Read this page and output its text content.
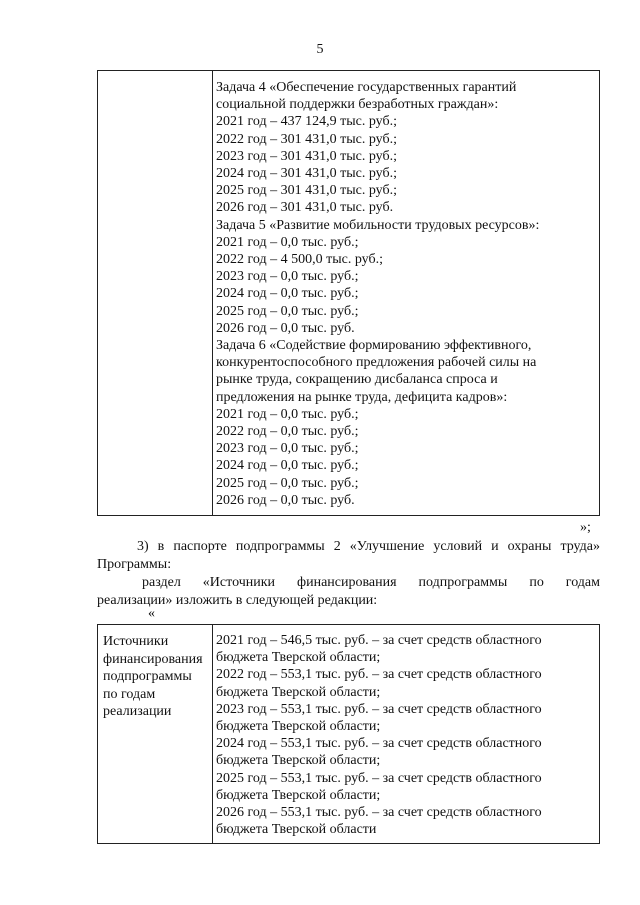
5
Задача 4 «Обеспечение государственных гарантий
социальной поддержки безработных граждан»:
2021 год – 437 124,9 тыс. руб.;
2022 год – 301 431,0 тыс. руб.;
2023 год – 301 431,0 тыс. руб.;
2024 год – 301 431,0 тыс. руб.;
2025 год – 301 431,0 тыс. руб.;
2026 год – 301 431,0 тыс. руб.
Задача 5 «Развитие мобильности трудовых ресурсов»:
2021 год – 0,0 тыс. руб.;
2022 год – 4 500,0 тыс. руб.;
2023 год – 0,0 тыс. руб.;
2024 год – 0,0 тыс. руб.;
2025 год – 0,0 тыс. руб.;
2026 год – 0,0 тыс. руб.
Задача 6 «Содействие формированию эффективного,
конкурентоспособного предложения рабочей силы на
рынке труда, сокращению дисбаланса спроса и
предложения на рынке труда, дефицита кадров»:
2021 год – 0,0 тыс. руб.;
2022 год – 0,0 тыс. руб.;
2023 год – 0,0 тыс. руб.;
2024 год – 0,0 тыс. руб.;
2025 год – 0,0 тыс. руб.;
2026 год – 0,0 тыс. руб.
»;
3) в паспорте подпрограммы 2 «Улучшение условий и охраны труда»
Программы:
раздел «Источники финансирования подпрограммы по годам
реализации» изложить в следующей редакции:
«
Источники
финансирования
подпрограммы
по годам
реализации
2021 год – 546,5 тыс. руб. – за счет средств областного
бюджета Тверской области;
2022 год – 553,1 тыс. руб. – за счет средств областного
бюджета Тверской области;
2023 год – 553,1 тыс. руб. – за счет средств областного
бюджета Тверской области;
2024 год – 553,1 тыс. руб. – за счет средств областного
бюджета Тверской области;
2025 год – 553,1 тыс. руб. – за счет средств областного
бюджета Тверской области;
2026 год – 553,1 тыс. руб. – за счет средств областного
бюджета Тверской области
